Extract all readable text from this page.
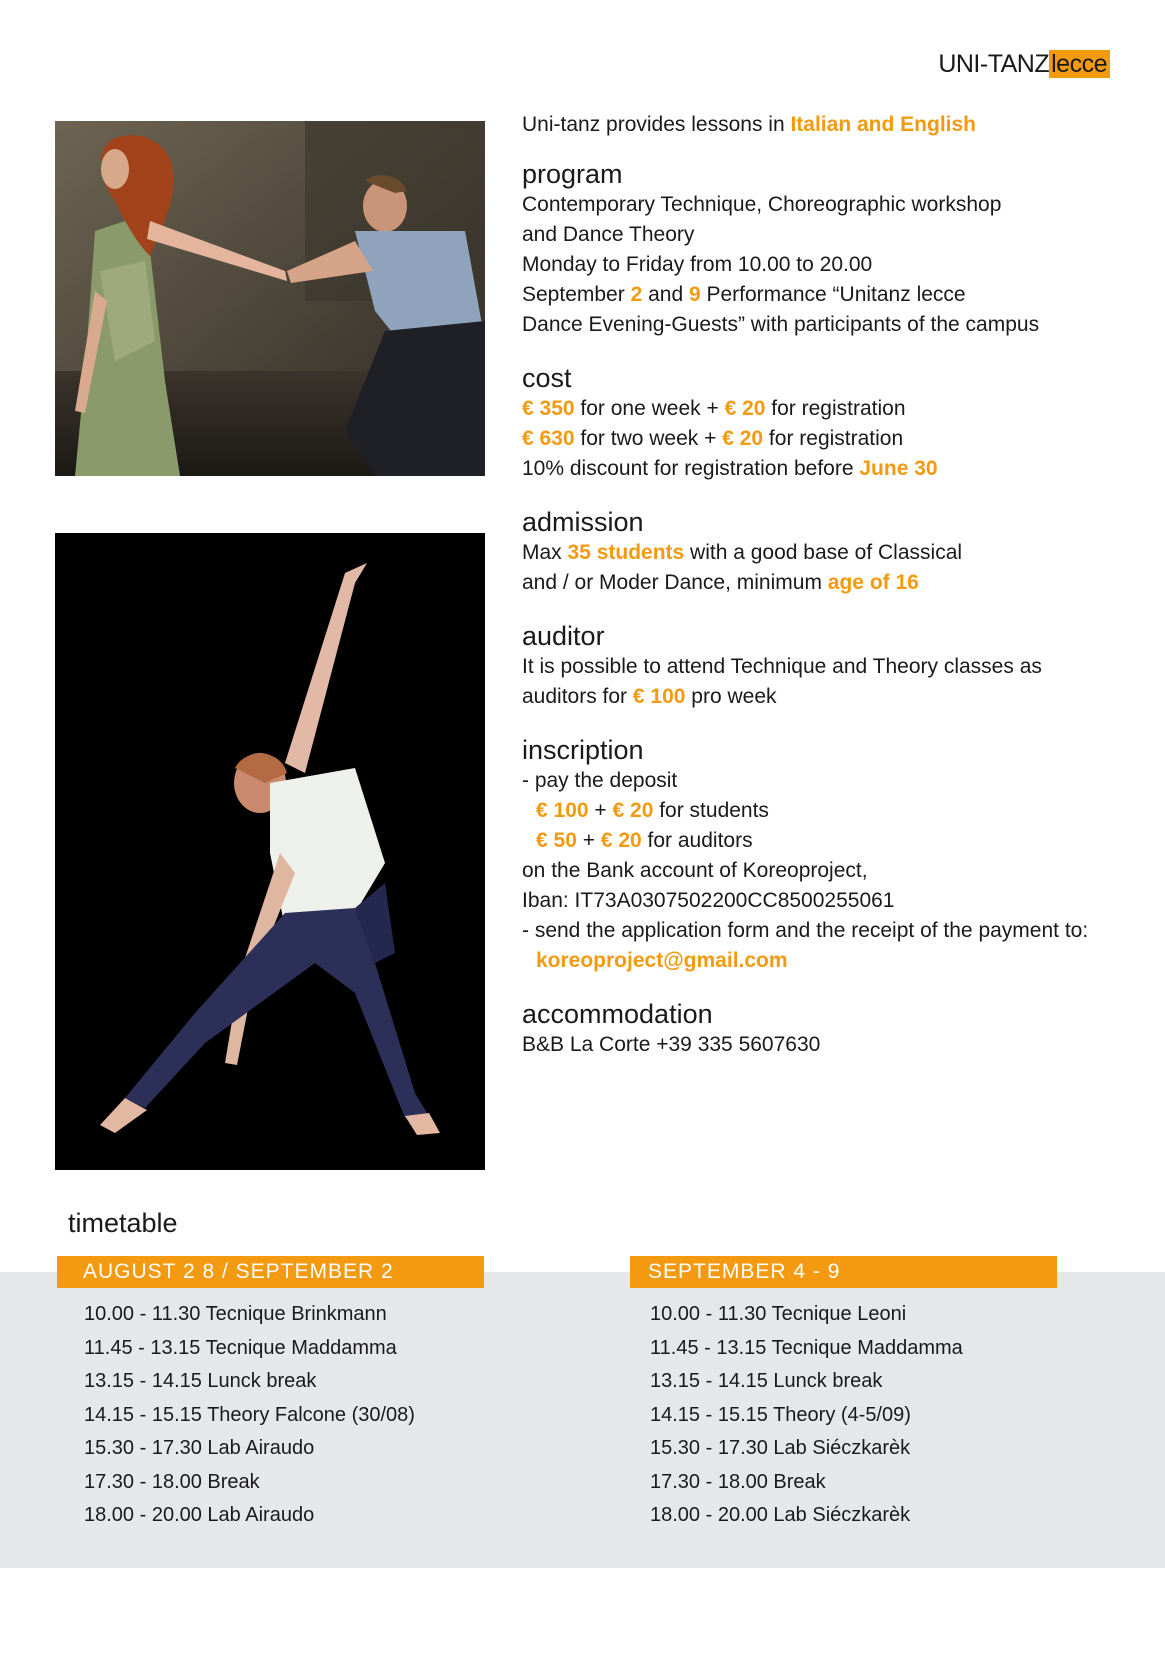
UNI-TANZlecce
Uni-tanz provides lessons in Italian and English
program
Contemporary Technique, Choreographic workshop
and Dance Theory
Monday to Friday from 10.00 to 20.00
September 2 and 9 Performance “Unitanz lecce
Dance Evening-Guests” with participants of the campus
cost
€ 350 for one week + € 20 for registration
€ 630 for two week + € 20 for registration
10% discount for registration before June 30
admission
Max 35 students with a good base of Classical
and / or Moder Dance, minimum age of 16
auditor
It is possible to attend Technique and Theory classes as
auditors for € 100 pro week
inscription
- pay the deposit
€ 100 + € 20 for students
€ 50 + € 20 for auditors
on the Bank account of Koreoproject,
Iban: IT73A0307502200CC8500255061
- send the application form and the receipt of the payment to:
koreoproject@gmail.com
accommodation
B&B La Corte +39 335 5607630
timetable
AUGUST 2 8 / SEPTEMBER 2	SEPTEMBER 4 - 9
10.00 - 11.30 Tecnique Brinkmann
11.45 - 13.15 Tecnique Maddamma
13.15 - 14.15 Lunck break
14.15 - 15.15 Theory Falcone (30/08)
15.30 - 17.30 Lab Airaudo
17.30 - 18.00 Break
18.00 - 20.00 Lab Airaudo
10.00 - 11.30 Tecnique Leoni
11.45 - 13.15 Tecnique Maddamma
13.15 - 14.15 Lunck break
14.15 - 15.15 Theory (4-5/09)
15.30 - 17.30 Lab Siéczkarèk
17.30 - 18.00 Break
18.00 - 20.00 Lab Siéczkarèk
